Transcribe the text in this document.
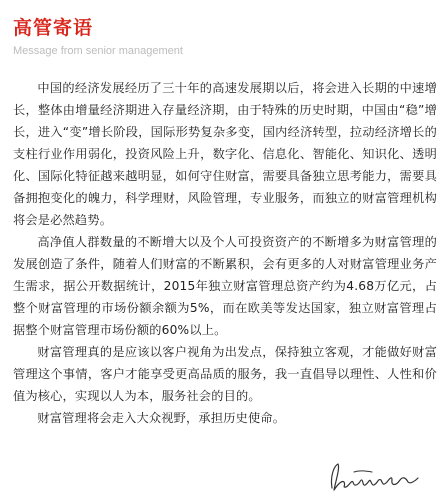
高管寄语
Message from senior management

中国的经济发展经历了三十年的高速发展期以后，将会进入长期的中速增长，整体由增量经济期进入存量经济期，由于特殊的历史时期，中国由“稳”增长，进入“变”增长阶段，国际形势复杂多变，国内经济转型，拉动经济增长的支柱行业作用弱化，投资风险上升，数字化、信息化、智能化、知识化、透明化、国际化特征越来越明显，如何守住财富，需要具备独立思考能力，需要具备拥抱变化的魄力，科学理财，风险管理，专业服务，而独立的财富管理机构将会是必然趋势。

高净值人群数量的不断增大以及个人可投资资产的不断增多为财富管理的发展创造了条件，随着人们财富的不断累积，会有更多的人对财富管理业务产生需求，据公开数据统计，2015年独立财富管理总资产约为4.68万亿元，占整个财富管理的市场份额余额为5%，而在欧美等发达国家，独立财富管理占据整个财富管理市场份额的60%以上。

财富管理真的是应该以客户视角为出发点，保持独立客观，才能做好财富管理这个事情，客户才能享受更高品质的服务，我一直倡导以理性、人性和价值为核心，实现以人为本，服务社会的目的。

财富管理将会走入大众视野，承担历史使命。
